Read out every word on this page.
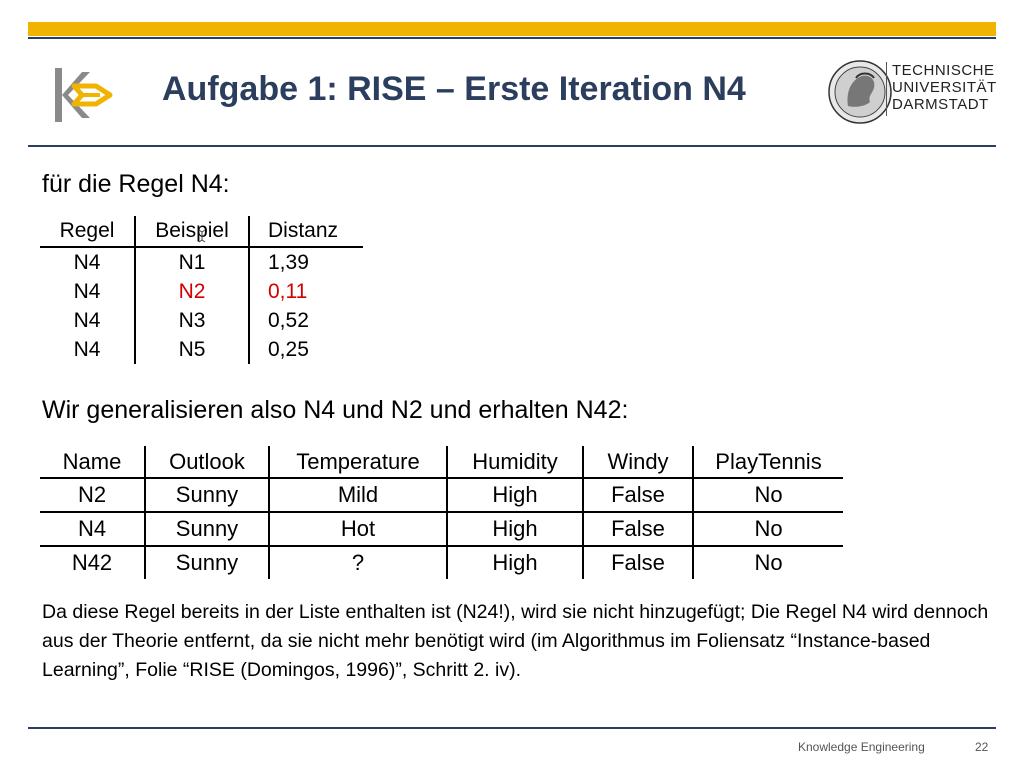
Aufgabe 1: RISE – Erste Iteration N4	TECHNISCHE
UNIVERSITÄT
DARMSTADT
für die Regel N4:
Regel	Beispiel	Distanz
N4	N1	1,39
N4	N2	0,11
N4	N3	0,52
N4	N5	0,25
Wir generalisieren also N4 und N2 und erhalten N42:
Name	Outlook	Temperature	Humidity	Windy	PlayTennis
N2	Sunny	Mild	High	False	No
N4	Sunny	Hot	High	False	No
N42	Sunny	?	High	False	No
Da diese Regel bereits in der Liste enthalten ist (N24!), wird sie nicht hinzugefügt; Die Regel N4 wird dennoch aus der Theorie entfernt, da sie nicht mehr benötigt wird (im Algorithmus im Foliensatz “Instance-based Learning”, Folie “RISE (Domingos, 1996)”, Schritt 2. iv).
Knowledge Engineering	22
